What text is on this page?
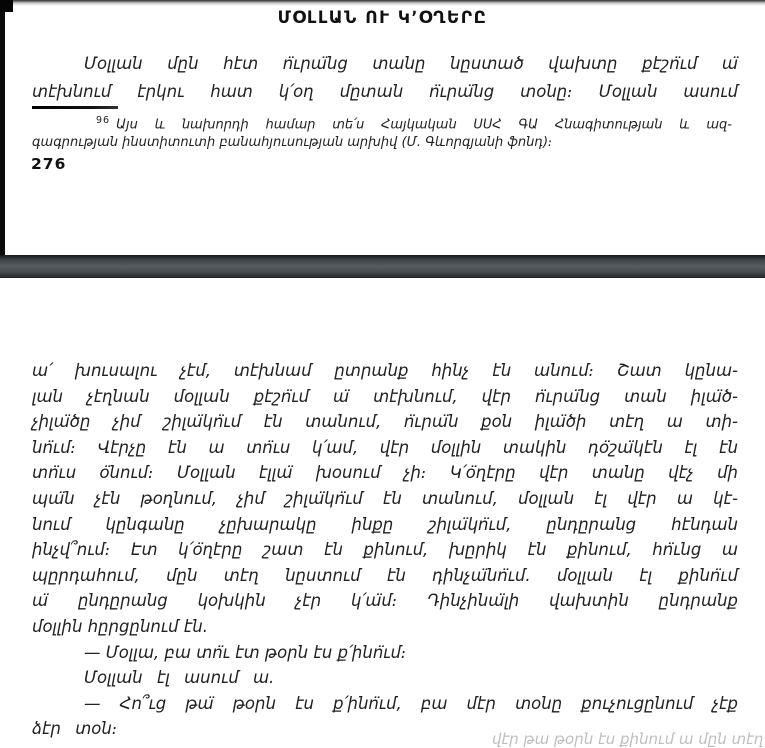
ՄՕԼԼԱՆ ՈՒ Կ՚ՕՂԵՐԸ
Մօլլան մըն հէտ ո̈ւրա̈նց տանը նըստած վախտը քէշո̈ւմ ա̈
տէխնում էրկու հատ կ՛օղ մըտան ո̈ւրա̈նց տօնը։ Մօլլան ասում
$^{96}$ Այս և նախորդի համար տե՛ս Հայկական ՍՍՀ ԳԱ Հնագիտության և ազ-
գագրության ինստիտուտի բանահյուսության արխիվ (Մ. Գևորգյանի ֆոնդ)։
276
ա՛ խուսալու չէմ, տէխնամ ըտրանք հինչ էն անում։ Շատ կընա-
լան չէղնան մօլլան քէշո̈ւմ ա̈ տէխնում, վէր ո̈ւրա̈նց տան իլա̈ծ-
չիլա̈ծը չիմ շիլա̈կո̈ւմ էն տանում, ո̈ւրա̈ն քօն իլա̈ծի տէղ ա տի-
նո̈ւմ։ Վէրչը էն ա տո̈ւս կ՛ամ, վէր մօլլին տակին դօ̈շա̈կէն էլ էն
տո̈ւս օ̈նում։ Մօլլան էլլա̈ խօսում չի։ Կ՛օ̈ղէրը վէր տանը վէչ մի
պա̈ն չէն թօղնում, չիմ շիլա̈կո̈ւմ էն տանում, մօլլան էլ վէր ա կէ-
նում կընգանը չըխարակը ինքը շիլա̈կո̈ւմ, ընդըրանց հէնդան
ինչվ՞ում։ Էտ կ՛օ̈ղէրը շատ էն քինում, խըրիկ էն քինում, հո̈ւնց ա
պըրդահում, մըն տէղ նըստում էն դինչա̈նո̈ւմ. մօլլան էլ քինո̈ւմ
ա̈ ընդըրանց կօխկին չէր կ՛ա̈մ։ Դինչինա̈լի վախտին ընդրանք
մօլլին հըրցընում էն.
— Մօլլա, բա տո̈ւ էտ թօրն էս ք՛ինո̈ւմ։
Մօլլան էլ ասում ա.
— Հո՞ւց թա̈ թօրն էս ք՛ինո̈ւմ, բա մէր տօնը քուչուցընում չէք
ձէր տօն։
վէր թա թօրն էս քինում ա մըն տէղ
